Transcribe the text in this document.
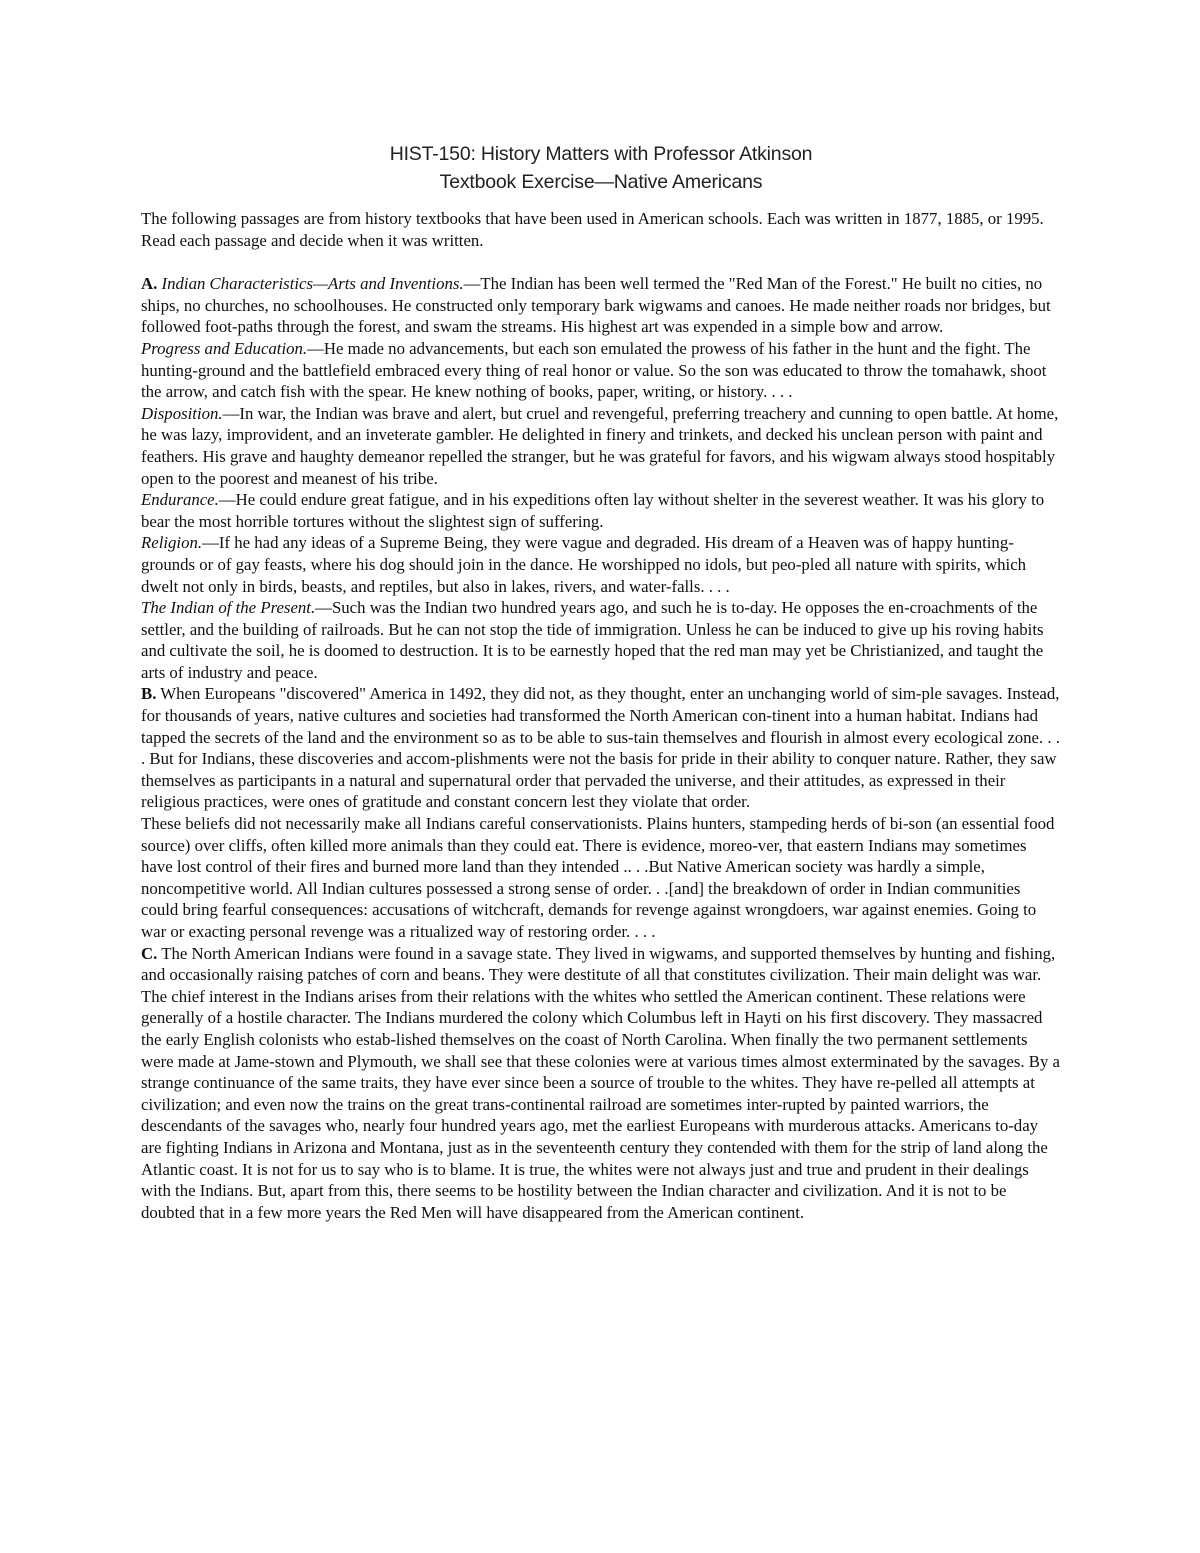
HIST-150: History Matters with Professor Atkinson
Textbook Exercise—Native Americans

The following passages are from history textbooks that have been used in American schools. Each was written in 1877, 1885, or 1995. Read each passage and decide when it was written.

A. Indian Characteristics—Arts and Inventions.—The Indian has been well termed the "Red Man of the Forest." He built no cities, no ships, no churches, no schoolhouses. He constructed only temporary bark wigwams and canoes. He made neither roads nor bridges, but followed foot-paths through the forest, and swam the streams. His highest art was expended in a simple bow and arrow.

Progress and Education.—He made no advancements, but each son emulated the prowess of his father in the hunt and the fight. The hunting-ground and the battlefield embraced every thing of real honor or value. So the son was educated to throw the tomahawk, shoot the arrow, and catch fish with the spear. He knew nothing of books, paper, writing, or history. . . .

Disposition.—In war, the Indian was brave and alert, but cruel and revengeful, preferring treachery and cunning to open battle. At home, he was lazy, improvident, and an inveterate gambler. He delighted in finery and trinkets, and decked his unclean person with paint and feathers. His grave and haughty demeanor repelled the stranger, but he was grateful for favors, and his wigwam always stood hospitably open to the poorest and meanest of his tribe.

Endurance.—He could endure great fatigue, and in his expeditions often lay without shelter in the severest weather. It was his glory to bear the most horrible tortures without the slightest sign of suffering.

Religion.—If he had any ideas of a Supreme Being, they were vague and degraded. His dream of a Heaven was of happy hunting-grounds or of gay feasts, where his dog should join in the dance. He worshipped no idols, but peo-pled all nature with spirits, which dwelt not only in birds, beasts, and reptiles, but also in lakes, rivers, and water-falls. . . .

The Indian of the Present.—Such was the Indian two hundred years ago, and such he is to-day. He opposes the en-croachments of the settler, and the building of railroads. But he can not stop the tide of immigration. Unless he can be induced to give up his roving habits and cultivate the soil, he is doomed to destruction. It is to be earnestly hoped that the red man may yet be Christianized, and taught the arts of industry and peace.

B. When Europeans "discovered" America in 1492, they did not, as they thought, enter an unchanging world of sim-ple savages. Instead, for thousands of years, native cultures and societies had transformed the North American con-tinent into a human habitat. Indians had tapped the secrets of the land and the environment so as to be able to sus-tain themselves and flourish in almost every ecological zone. . . . But for Indians, these discoveries and accom-plishments were not the basis for pride in their ability to conquer nature. Rather, they saw themselves as participants in a natural and supernatural order that pervaded the universe, and their attitudes, as expressed in their religious practices, were ones of gratitude and constant concern lest they violate that order.

These beliefs did not necessarily make all Indians careful conservationists. Plains hunters, stampeding herds of bi-son (an essential food source) over cliffs, often killed more animals than they could eat. There is evidence, moreo-ver, that eastern Indians may sometimes have lost control of their fires and burned more land than they intended .. . .But Native American society was hardly a simple, noncompetitive world. All Indian cultures possessed a strong sense of order. . .[and] the breakdown of order in Indian communities could bring fearful consequences: accusations of witchcraft, demands for revenge against wrongdoers, war against enemies. Going to war or exacting personal revenge was a ritualized way of restoring order. . . .

C. The North American Indians were found in a savage state. They lived in wigwams, and supported themselves by hunting and fishing, and occasionally raising patches of corn and beans. They were destitute of all that constitutes civilization. Their main delight was war. The chief interest in the Indians arises from their relations with the whites who settled the American continent. These relations were generally of a hostile character. The Indians murdered the colony which Columbus left in Hayti on his first discovery. They massacred the early English colonists who estab-lished themselves on the coast of North Carolina. When finally the two permanent settlements were made at Jame-stown and Plymouth, we shall see that these colonies were at various times almost exterminated by the savages. By a strange continuance of the same traits, they have ever since been a source of trouble to the whites. They have re-pelled all attempts at civilization; and even now the trains on the great trans-continental railroad are sometimes inter-rupted by painted warriors, the descendants of the savages who, nearly four hundred years ago, met the earliest Europeans with murderous attacks. Americans to-day are fighting Indians in Arizona and Montana, just as in the seventeenth century they contended with them for the strip of land along the Atlantic coast. It is not for us to say who is to blame. It is true, the whites were not always just and true and prudent in their dealings with the Indians. But, apart from this, there seems to be hostility between the Indian character and civilization. And it is not to be doubted that in a few more years the Red Men will have disappeared from the American continent.
